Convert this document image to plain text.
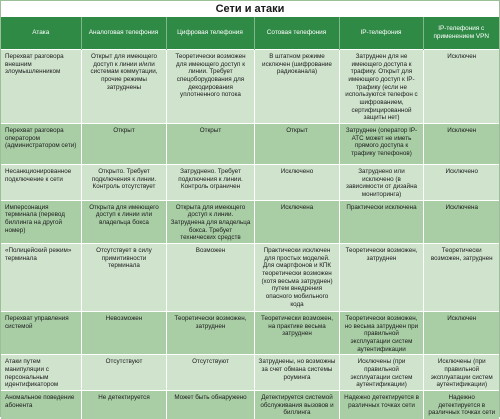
Сети и атаки
Атака	Аналоговая телефония	Цифровая телефония	Сотовая телефония	IP-телефония	IP-телефония с применением VPN
Перехват разговора внешним злоумышленником	Открыт для имеющего доступ к линии и/или системам коммутации, прочие режимы затруднены	Теоретически возможен для имеющего доступ к линии. Требует спецоборудования для декодирования уплотненного потока	В штатном режиме исключен (шифрование радиоканала)	Затруднен для не имеющего доступа к трафику. Открыт для имеющего доступ к IP-трафику (если не используются телефон с шифрованием, сертифицированной защиты нет)	Исключен
Перехват разговора оператором (администратором сети)	Открыт	Открыт	Открыт	Затруднен (оператор IP-АТС может не иметь прямого доступа к трафику телефонов)	Исключен
Несанкционированное подключение к сети	Открыто. Требует подключения к линии. Контроль отсутствует	Затруднено. Требует подключения к линии. Контроль ограничен	Исключено	Затруднено или исключено (в зависимости от дизайна мониторинга)	Исключено
Имперсонация терминала (перевод биллинга на другой номер)	Открыта для имеющего доступ к линии или владельца бокса	Открыта для имеющего доступ к линии. Затруднена для владельца бокса. Требует технических средств	Исключена	Практически исключена	Исключена
«Полицейский режим» терминала	Отсутствует в силу примитивности терминала	Возможен	Практически исключен для простых моделей. Для смартфонов и КПК теоретически возможен (хотя весьма затруднен) путем внедрения опасного мобильного кода	Теоретически возможен, затруднен	Теоретически возможен, затруднен
Перехват управления системой	Невозможен	Теоретически возможен, затруднен	Теоретически возможен, на практике весьма затруднен	Теоретически возможен, но весьма затруднен при правильной эксплуатации систем аутентификации	Исключен
Атаки путем манипуляции с персональным идентификатором	Отсутствуют	Отсутствуют	Затруднены, но возможны за счет обмана системы роуминга	Исключены (при правильной эксплуатации систем аутентификации)	Исключены (при правильной эксплуатации систем аутентификации)
Аномальное поведение абонента	Не детектируется	Может быть обнаружено	Детектируется системой обслуживания вызовов и биллинга	Надежно детектируется в различных точках сети	Надежно детектируется в различных точках сети
